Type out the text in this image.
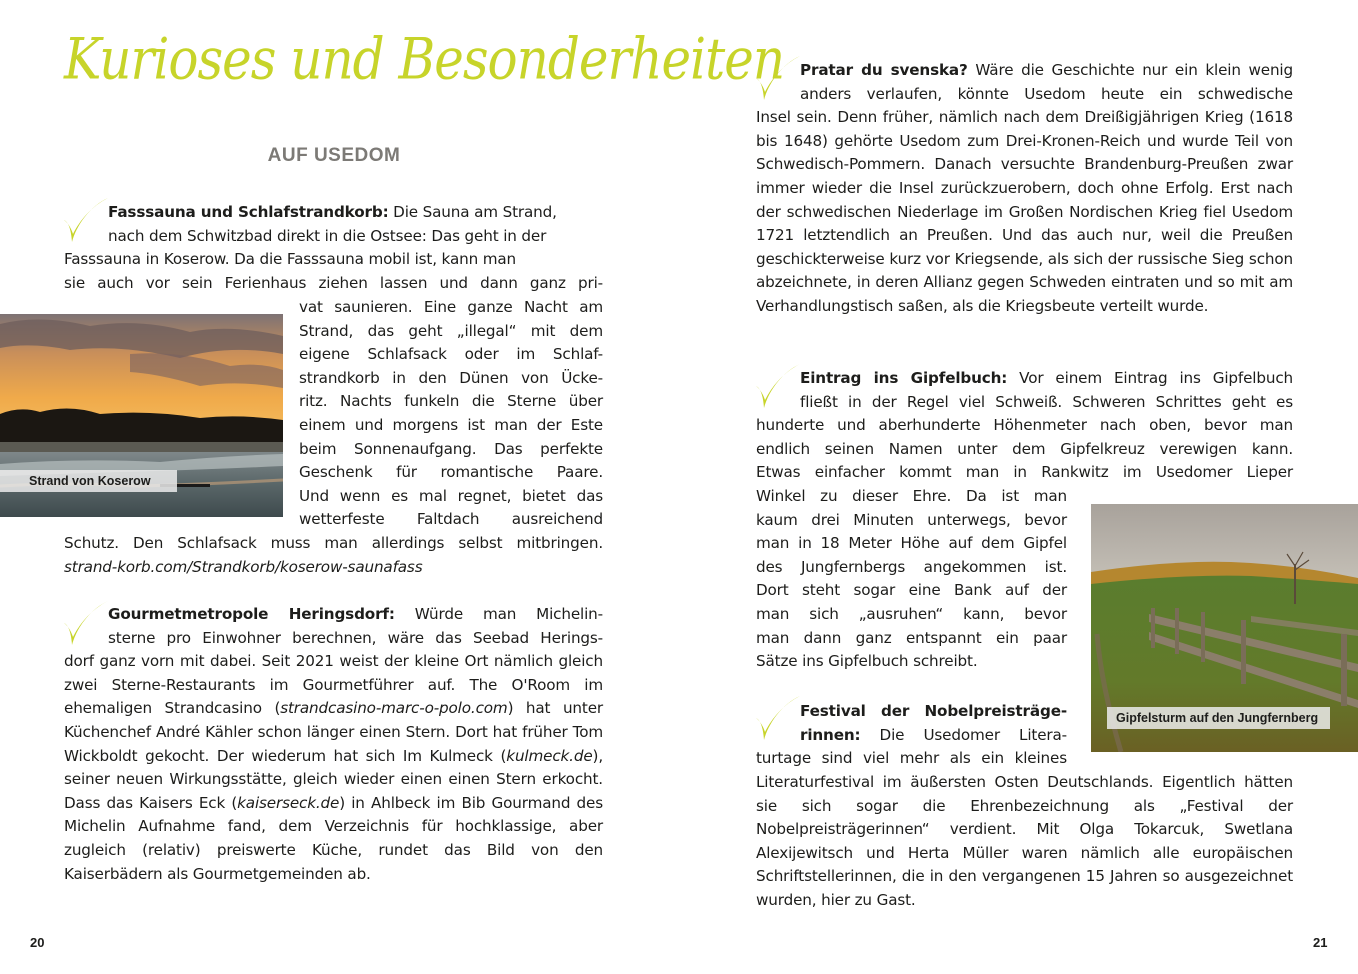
Kurioses und Besonderheiten
AUF USEDOM

Fasssauna und Schlafstrandkorb: Die Sauna am Strand,

nach dem Schwitzbad direkt in die Ostsee: Das geht in der

Fasssauna in Koserow. Da die Fasssauna mobil ist, kann man

sie auch vor sein Ferienhaus ziehen lassen und dann ganz pri-

Strand von Koserow

vat saunieren. Eine ganze Nacht am

Strand, das geht „illegal“ mit dem

eigene Schlafsack oder im Schlaf-

strandkorb in den Dünen von Ücke-

ritz. Nachts funkeln die Sterne über

einem und morgens ist man der Este

beim Sonnenaufgang. Das perfekte

Geschenk für romantische Paare.

Und wenn es mal regnet, bietet das

wetterfeste Faltdach ausreichend

Schutz. Den Schlafsack muss man allerdings selbst mitbringen.

strand-korb.com/Strandkorb/koserow-saunafass

Gourmetmetropole Heringsdorf: Würde man Michelin-

sterne pro Einwohner berechnen, wäre das Seebad Herings-

dorf ganz vorn mit dabei. Seit 2021 weist der kleine Ort nämlich gleich zwei Sterne-Restaurants im Gourmetführer auf. The O'Room im ehemaligen Strandcasino (strandcasino-marc-o-polo.com) hat unter Küchenchef André Kähler schon länger einen Stern. Dort hat früher Tom Wickboldt gekocht. Der wiederum hat sich Im Kulmeck (kulmeck.de), seiner neuen Wirkungsstätte, gleich wieder einen einen Stern erkocht. Dass das Kaisers Eck (kaiserseck.de) in Ahlbeck im Bib Gourmand des Michelin Aufnahme fand, dem Verzeichnis für hochklassige, aber zugleich (relativ) preiswerte Küche, rundet das Bild von den Kaiserbädern als Gourmetgemeinden ab.

20

Pratar du svenska? Wäre die Geschichte nur ein klein wenig

anders verlaufen, könnte Usedom heute ein schwedische

Insel sein. Denn früher, nämlich nach dem Dreißigjährigen Krieg (1618 bis 1648) gehörte Usedom zum Drei-Kronen-Reich und wurde Teil von Schwedisch-Pommern. Danach versuchte Brandenburg-Preußen zwar immer wieder die Insel zurückzuerobern, doch ohne Erfolg. Erst nach der schwedischen Niederlage im Großen Nordischen Krieg fiel Usedom 1721 letztendlich an Preußen. Und das auch nur, weil die Preußen geschickterweise kurz vor Kriegsende, als sich der russische Sieg schon abzeichnete, in deren Allianz gegen Schweden eintraten und so mit am Verhandlungstisch saßen, als die Kriegsbeute verteilt wurde.

Eintrag ins Gipfelbuch: Vor einem Eintrag ins Gipfelbuch

fließt in der Regel viel Schweiß. Schweren Schrittes geht es

hunderte und aberhunderte Höhenmeter nach oben, bevor man

endlich seinen Namen unter dem Gipfelkreuz verewigen kann.

Etwas einfacher kommt man in Rankwitz im Usedomer Lieper

Winkel zu dieser Ehre. Da ist man

kaum drei Minuten unterwegs, bevor

man in 18 Meter Höhe auf dem Gipfel

des Jungfernbergs angekommen ist.

Dort steht sogar eine Bank auf der

man sich „ausruhen“ kann, bevor

man dann ganz entspannt ein paar

Sätze ins Gipfelbuch schreibt.

Gipfelsturm auf den Jungfernberg

Festival der Nobelpreisträge-

rinnen: Die Usedomer Litera-

turtage sind viel mehr als ein kleines

Literaturfestival im äußersten Osten Deutschlands. Eigentlich hätten sie sich sogar die Ehrenbezeichnung als „Festival der Nobelpreisträgerinnen“ verdient. Mit Olga Tokarcuk, Swetlana Alexijewitsch und Herta Müller waren nämlich alle europäischen Schriftstellerinnen, die in den vergangenen 15 Jahren so ausgezeichnet wurden, hier zu Gast.
21
